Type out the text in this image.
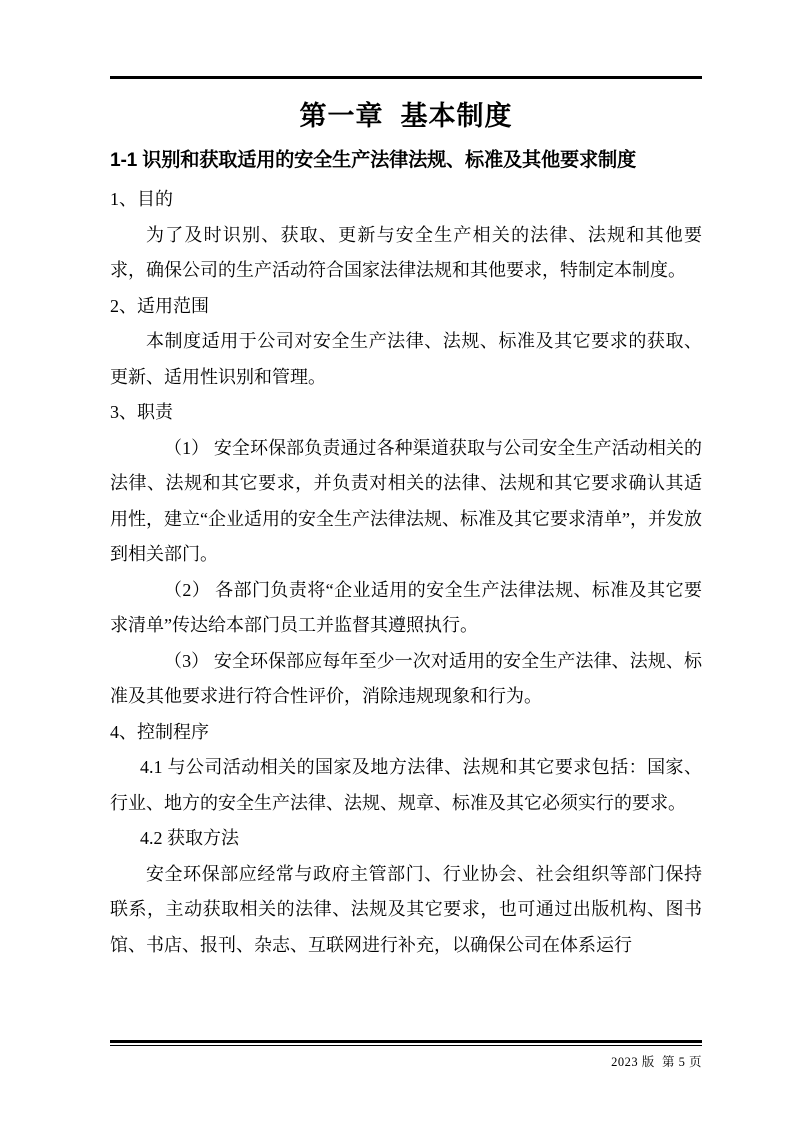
第一章  基本制度
1-1 识别和获取适用的安全生产法律法规、标准及其他要求制度

1、目的

为了及时识别、获取、更新与安全生产相关的法律、法规和其他要求，确保公司的生产活动符合国家法律法规和其他要求，特制定本制度。

2、适用范围

本制度适用于公司对安全生产法律、法规、标准及其它要求的获取、更新、适用性识别和管理。

3、职责

（1） 安全环保部负责通过各种渠道获取与公司安全生产活动相关的法律、法规和其它要求，并负责对相关的法律、法规和其它要求确认其适用性，建立“企业适用的安全生产法律法规、标准及其它要求清单”，并发放到相关部门。

（2） 各部门负责将“企业适用的安全生产法律法规、标准及其它要求清单”传达给本部门员工并监督其遵照执行。

（3） 安全环保部应每年至少一次对适用的安全生产法律、法规、标准及其他要求进行符合性评价，消除违规现象和行为。

4、控制程序

4.1 与公司活动相关的国家及地方法律、法规和其它要求包括：国家、行业、地方的安全生产法律、法规、规章、标准及其它必须实行的要求。

4.2 获取方法

安全环保部应经常与政府主管部门、行业协会、社会组织等部门保持联系，主动获取相关的法律、法规及其它要求，也可通过出版机构、图书馆、书店、报刊、杂志、互联网进行补充，以确保公司在体系运行

2023 版  第 5 页
